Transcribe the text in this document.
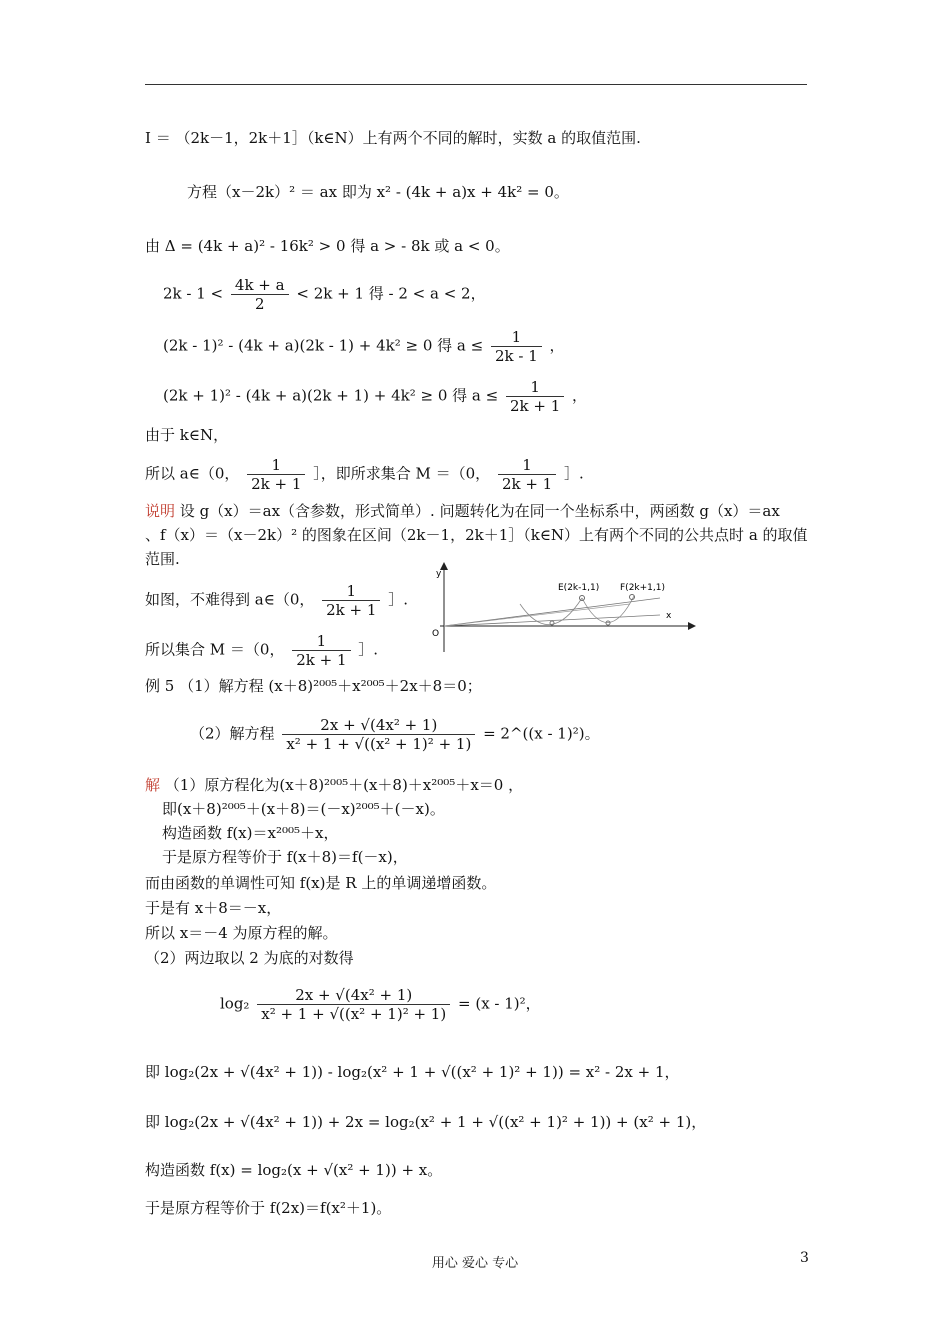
I ＝ （2k－1，2k＋1］（k∈N）上有两个不同的解时，实数 a 的取值范围.
方程（x－2k）² ＝ ax 即为 x² - (4k + a)x + 4k² = 0。
由 Δ = (4k + a)² - 16k² > 0 得 a > - 8k 或 a < 0。
$2k - 1 < \frac{4k + a}{2} < 2k + 1$ 得 - 2 < a < 2，
(2k - 1)² - (4k + a)(2k - 1) + 4k² ≥ 0 得 $a \le \frac{1}{2k - 1}$ ，
(2k + 1)² - (4k + a)(2k + 1) + 4k² ≥ 0 得 $a \le \frac{1}{2k + 1}$ ，
由于 k∈N，
所以 a∈（0， $\frac{1}{2k + 1}$ ］，即所求集合 M ＝（0， $\frac{1}{2k + 1}$ ］.
说明 设 g（x）＝ax（含参数，形式简单）. 问题转化为在同一个坐标系中，两函数 g（x）＝ax
、f（x）＝（x－2k）² 的图象在区间（2k－1，2k＋1］（k∈N）上有两个不同的公共点时 a 的取值
范围.
如图，不难得到 a∈（0， $\frac{1}{2k + 1}$ ］.
所以集合 M ＝（0， $\frac{1}{2k + 1}$ ］.
y
x
O
E(2k-1,1) F(2k+1,1)
例 5 （1）解方程 (x＋8)²⁰⁰⁵＋x²⁰⁰⁵＋2x＋8＝0；
（2）解方程 $\frac{\text{2x + √(4x² + 1)}}{\text{x² + 1 + √((x² + 1)² + 1)}}$ = 2^((x - 1)²)。
解 （1）原方程化为(x＋8)²⁰⁰⁵＋(x＋8)＋x²⁰⁰⁵＋x＝0 ，
即(x＋8)²⁰⁰⁵＋(x＋8)＝(－x)²⁰⁰⁵＋(－x)。
构造函数 f(x)＝x²⁰⁰⁵＋x，
于是原方程等价于 f(x＋8)＝f(－x)，
而由函数的单调性可知 f(x)是 R 上的单调递增函数。
于是有 x＋8＝－x，
所以 x＝－4 为原方程的解。
（2）两边取以 2 为底的对数得
$\log_2 \frac{\text{2x + √(4x² + 1)}}{\text{x² + 1 + √((x² + 1)² + 1)}} = (x - 1)^2$，
即 log₂(2x + √(4x² + 1)) - log₂(x² + 1 + √((x² + 1)² + 1)) = x² - 2x + 1，
即 log₂(2x + √(4x² + 1)) + 2x = log₂(x² + 1 + √((x² + 1)² + 1)) + (x² + 1)，
构造函数 f(x) = log₂(x + √(x² + 1)) + x。
于是原方程等价于 f(2x)＝f(x²＋1)。
用心 爱心 专心	3
